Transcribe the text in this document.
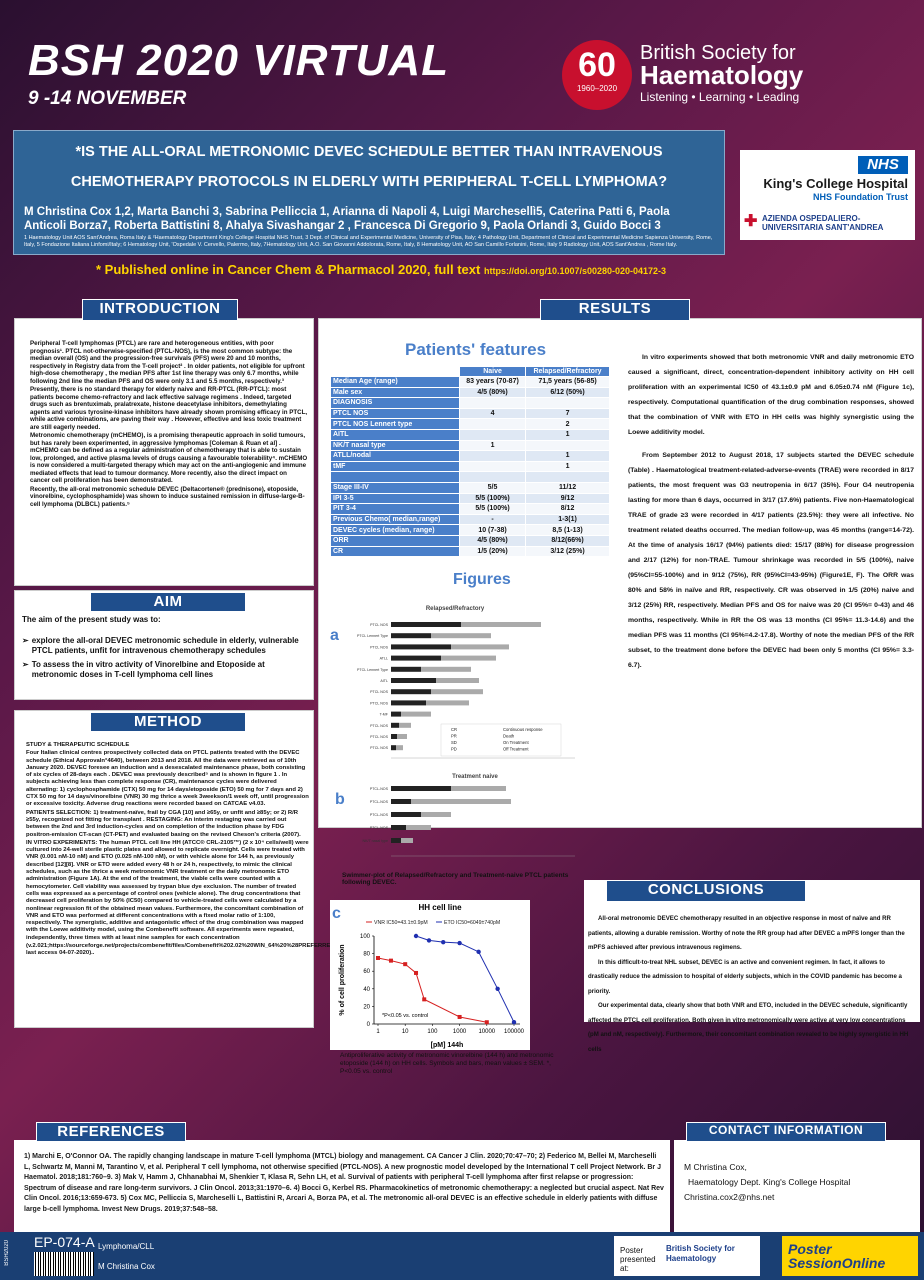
BSH 2020 VIRTUAL
9 -14 NOVEMBER
60
1960–2020
British Society for
Haematology
Listening • Learning • Leading
*IS THE ALL-ORAL METRONOMIC DEVEC SCHEDULE BETTER THAN INTRAVENOUS CHEMOTHERAPY PROTOCOLS IN ELDERLY WITH PERIPHERAL T-CELL LYMPHOMA?
M Christina Cox 1,2, Marta Banchi 3, Sabrina Pelliccia 1, Arianna di Napoli 4, Luigi Marchesellì5, Caterina Patti 6, Paola Anticoli Borza7, Roberta Battistini 8, Ahalya Sivashangar 2 , Francesca Di Gregorio 9, Paola Orlandi 3, Guido Bocci 3
1 Haematology Unit AOS Sant'Andrea, Roma Italy & ²Haematology Department King's College Hospital NHS Trust, 3 Dept. of Clinical and Experimental Medicine, University of Pisa, Italy; 4 Pathology Unit, Department of Clinical and Experimental Medicine Sapienza University, Rome, Italy, 5 Fondazione Italiana Linfomi/Italy; 6 Hematology Unit, 'Ospedale V. Cervello, Palermo, Italy, 7Hematology Unit, A.O. San Giovanni Addolorata, Rome, Italy, 8 Hematology Unit, AO San Camillo Forlanini, Rome, Italy 9 Radiology Unit, AOS Sant'Andrea , Rome Italy.
NHS
King's College Hospital
NHS Foundation Trust
✚ AZIENDA OSPEDALIERO-UNIVERSITARIA SANT'ANDREA
* Published online in Cancer Chem & Pharmacol 2020, full text https://doi.org/10.1007/s00280-020-04172-3
INTRODUCTION

Peripheral T-cell lymphomas (PTCL) are rare and heterogeneous entities, with poor prognosis¹. PTCL not-otherwise-specified (PTCL-NOS), is the most common subtype: the median overall (OS) and the progression-free survivals (PFS) were 20 and 10 months, respectively in Registry data from the T-cell project² . In older patients, not eligible for upfront high-dose chemotherapy , the median PFS after 1st line therapy was only 6.7 months, while following 2nd line the median PFS and OS were only 3.1 and 5.5 months, respectively.³

Presently, there is no standard therapy for elderly naive and RR-PTCL (RR-PTCL): most patients become chemo-refractory and lack effective salvage regimens . Indeed, targeted drugs such as brentuximab, pralatrexate, histone deacetylase inhibitors, demethylating agents and various tyrosine-kinase inhibitors have already shown promising efficacy in PTCL, while active combinations, are paving their way . However, effective and less toxic treatment are still eagerly needed.

Metronomic chemotherapy (mCHEMO), is a promising therapeutic approach in solid tumours, but has rarely been experimented, in aggressive lymphomas [Coleman & Ruan et al] . mCHEMO can be defined as a regular administration of chemotherapy that is able to sustain low, prolonged, and active plasma levels of drugs causing a favourable tolerability⁴. mCHEMO is now considered a multi-targeted therapy which may act on the anti-angiogenic and immune mediated effects that lead to tumour dormancy. More recently, also the direct impact on cancer cell proliferation has been demonstrated.

Recently, the all-oral metronomic schedule DEVEC (Deltacortene® (prednisone), etoposide, vinorelbine, cyclophosphamide) was shown to induce sustained remission in diffuse-large-B-cell lymphoma (DLBCL) patients.⁵

AIM
The aim of the present study was to:
➢ explore the all-oral DEVEC metronomic schedule in elderly, vulnerable PTCL patients, unfit for intravenous chemotherapy schedules
➢ To assess the in vitro activity of Vinorelbine and Etoposide at metronomic doses in T-cell lymphoma cell lines
METHOD

STUDY & THERAPEUTIC SCHEDULE

Four Italian clinical centres prospectively collected data on PTCL patients treated with the DEVEC schedule (Ethical Approvaln°4640), between 2013 and 2018. All the data were retrieved as of 10th January 2020. DEVEC foresee an induction and a desescalated maintenance phase, both consisting of six cycles of 28-days each . DEVEC was previously described⁵ and is shown in figure 1 . In subjects achieving less than complete response (CR), maintenance cycles were delivered alternating: 1) cyclophosphamide (CTX) 50 mg for 14 days/etoposide (ETO) 50 mg for 7 days and 2) CTX 50 mg for 14 days/vinorelbine (VNR) 30 mg thrice a week 3weekson/1 week off, until progression or excessive toxicity. Adverse drug reactions were recorded based on CATCAE v4.03.

PATIENTS SELECTION: 1) treatment-naïve, frail by CGA [10] and ≥65y, or unfit and ≥85y; or 2) R/R ≥55y, recognized not fitting for transplant . RESTAGING: An interim restaging was carried out between the 2nd and 3rd induction-cycles and on completion of the induction phase by FDG positron-emission CT-scan (CT-PET) and evaluated basing on the revised Cheson's criteria (2007).

IN VITRO EXPERIMENTS: The human PTCL cell line HH (ATCC® CRL-2105™) (2 x 10⁴ cells/well) were cultured into 24-well sterile plastic plates and allowed to replicate overnight. Cells were treated with VNR (0.001 nM-10 nM) and ETO (0.025 nM-100 nM), or with vehicle alone for 144 h, as previously described [12][8]. VNR or ETO were added every 48 h or 24 h, respectively, to mimic the clinical schedules, such as the thrice a week metronomic VNR treatment or the daily metronomic ETO administration (Figure 1A). At the end of the treatment, the viable cells were counted with a hemocytometer. Cell viability was assessed by trypan blue dye exclusion. The number of treated cells was expressed as a percentage of control ones (vehicle alone). The drug concentrations that decreased cell proliferation by 50% (IC50) compared to vehicle-treated cells were calculated by a nonlinear regression fit of the obtained mean values. Furthermore, the concomitant combination of VNR and ETO was performed at different concentrations with a fixed molar ratio of 1:100, respectively. The synergistic, additive and antagonistic effect of the drug combination was mapped with the Loewe additivity model, using the Combenefit software. All experiments were repeated, independently, three times with at least nine samples for each concentration

(v.2.021;https://sourceforge.net/projects/combenefit/files/Combenefit%202.02%20WIN_64%20%28PREFERRED%29, last access 04-07-2020)..

RESULTS
Patients' features
	Naive	Relapsed/Refractory
Median Age (range)	83 years (70-87)	71,5 years (56-85)
Male sex	4/5 (80%)	6/12 (50%)
DIAGNOSIS		
PTCL NOS	4	7
PTCL NOS Lennert type		2
AITL		1
NK/T nasal type	1	
ATLL/nodal		1
tMF		1

Stage III-IV	5/5	11/12
IPI 3-5	5/5 (100%)	9/12
PIT 3-4	5/5 (100%)	8/12
Previous Chemo( median,range)	-	1-3(1)
DEVEC cycles (median, range)	10 (7-38)	8,5 (1-13)
ORR	4/5 (80%)	8/12(66%)
CR	1/5 (20%)	3/12 (25%)

In vitro experiments showed that both metronomic VNR and daily metronomic ETO caused a significant, direct, concentration-dependent inhibitory activity on HH cell proliferation with an experimental IC50 of 43.1±0.9 pM and 6.05±0.74 nM (Figure 1c), respectively. Computational quantification of the drug combination responses, showed that the combination of VNR with ETO in HH cells was highly synergistic using the Loewe additivity model.

From September 2012 to August 2018, 17 subjects started the DEVEC schedule (Table) . Haematological treatment-related-adverse-events (TRAE) were recorded in 8/17 patients, the most frequent was G3 neutropenia in 6/17 (35%). Four G4 neutropenia lasting for more than 6 days, occurred in 3/17 (17.6%) patients. Five non-Haematological TRAE of grade ≥3 were recorded in 4/17 patients (23.5%): they were all infective. No treatment related deaths occurred. The median follow-up, was 45 months (range=14-72). At the time of analysis 16/17 (94%) patients died: 15/17 (88%) for disease progression and 2/17 (12%) for non-TRAE. Tumour shrinkage was recorded in 5/5 (100%), naive (95%CI=55-100%) and in 9/12 (75%), RR (95%CI=43-95%) (Figure1E, F). The ORR was 80% and 58% in naïve and RR, respectively. CR was observed in 1/5 (20%) naive and 3/12 (25%) RR, respectively. Median PFS and OS for naive was 20 (CI 95%= 0-43) and 46 months, respectively. While in RR the OS was 13 months (CI 95%= 11.3-14.6) and the median PFS was 11 months (CI 95%=4.2-17.8). Worthy of note the median PFS of the RR subset, to the treatment done before the DEVEC had been only 5 months (CI 95%= 3.3-6.7).

Figures
a
Relapsed/Refractory
PTCL NOS
PTCL Lennert Type
PTCL NOS
ATLL
PTCL Lennert Type
AITL
PTCL NOS
PTCL NOS
T-MF
PTCL NOS
PTCL NOS
PTCL NOS
CR
PR
SD
PD
Continuous response
Death
On Treatment
Off Treatment
b
Treatment naive
PTCL-NOS
PTCL-NOS
PTCL-NOS
PTCL-NOS
NK/T nasal type
Swimmer-plot of Relapsed/Refractory and Treatment-naive PTCL patients following DEVEC.
c	HH cell line
VNR IC50=43.1±0.9pM	ETO IC50=6049±740pM
0
20
40
60
80
100
1	10	100	1000 10000 100000
% of cell proliferation
[pM] 144h
*P<0.05 vs. control
Antiproliferative activity of metronomic vinorelbine (144 h) and metronomic etoposide (144 h) on HH cells. Symbols and bars, mean values ± SEM. *, P<0.05 vs. control
CONCLUSIONS

All-oral metronomic DEVEC chemotherapy resulted in an objective response in most of naïve and RR patients, allowing a durable remission. Worthy of note the RR group had after DEVEC a mPFS longer than the mPFS achieved after previous intravenous regimens.

In this difficult-to-treat NHL subset, DEVEC is an active and convenient regimen. In fact, it allows to drastically reduce the admission to hospital of elderly subjects, which in the COVID pandemic has become a priority.

Our experimental data, clearly show that both VNR and ETO, included in the DEVEC schedule, significantly affected the PTCL cell proliferation. Both given in vitro metronomically were active at very low concentrations (pM and nM, respectively). Furthermore, their concomitant combination revealed to be highly synergistic in HH cells

REFERENCES
1) Marchi E, O'Connor OA. The rapidly changing landscape in mature T-cell lymphoma (MTCL) biology and management. CA Cancer J Clin. 2020;70:47–70; 2) Federico M, Bellei M, Marcheselli L, Schwartz M, Manni M, Tarantino V, et al. Peripheral T cell lymphoma, not otherwise specified (PTCL-NOS). A new prognostic model developed by the International T cell Project Network. Br J Haematol. 2018;181:760–9. 3) Mak V, Hamm J, Chhanabhai M, Shenkier T, Klasa R, Sehn LH, et al. Survival of patients with peripheral T-cell lymphoma after first relapse or progression: Spectrum of disease and rare long-term survivors. J Clin Oncol. 2013;31:1970–6. 4) Bocci G, Kerbel RS. Pharmacokinetics of metronomic chemotherapy: a neglected but crucial aspect. Nat Rev Clin Oncol. 2016;13:659-673. 5) Cox MC, Pelliccia S, Marcheselli L, Battistini R, Arcari A, Borza PA, et al. The metronomic all-oral DEVEC is an effective schedule in elderly patients with diffuse large b-cell lymphoma. Invest New Drugs. 2019;37:548–58.
CONTACT INFORMATION
M Christina Cox,
Haematology Dept. King's College Hospital
Christina.cox2@nhs.net
BSH2020 EP-074-A Lymphoma/CLL
M Christina Cox
Poster presented at:
British Society for Haematology
Poster SessionOnline
